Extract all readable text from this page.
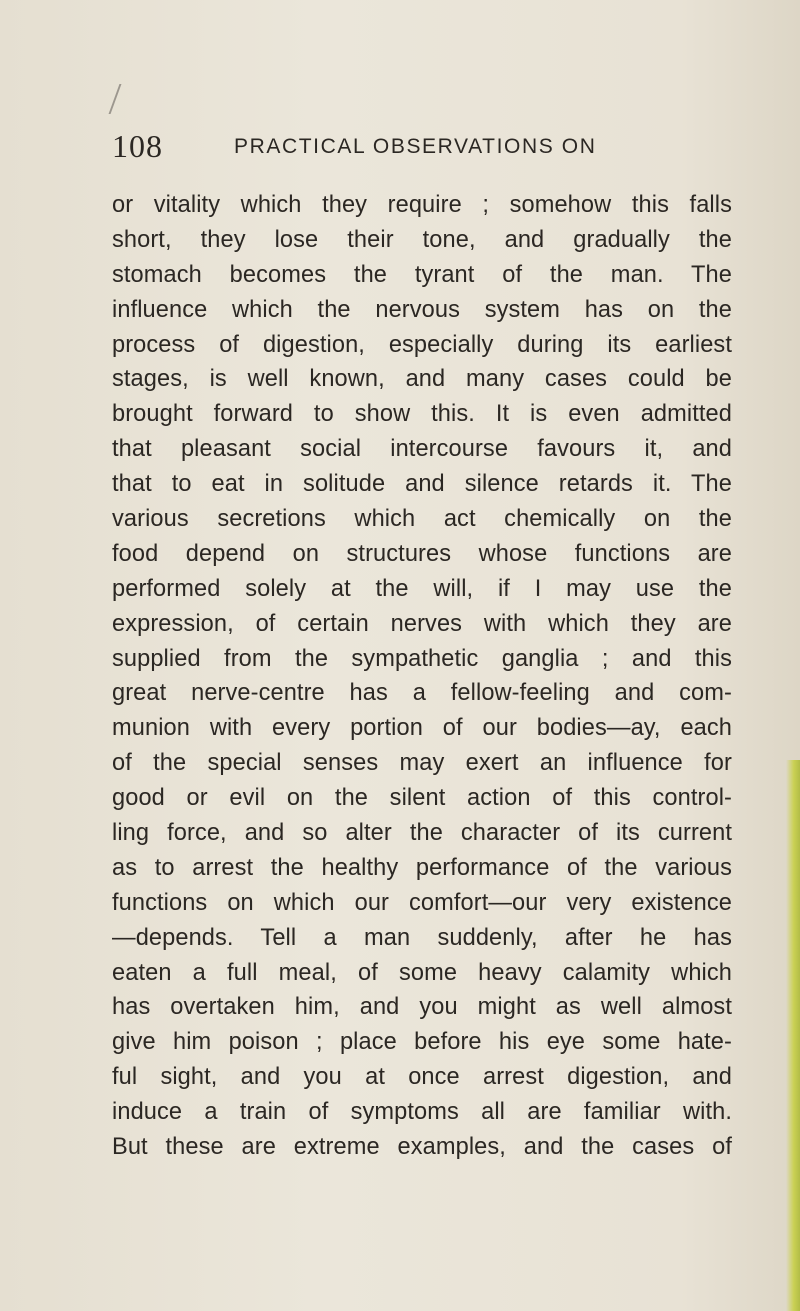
108	PRACTICAL OBSERVATIONS ON
or vitality which they require ; somehow this falls
short, they lose their tone, and gradually the
stomach becomes the tyrant of the man. The
influence which the nervous system has on the
process of digestion, especially during its earliest
stages, is well known, and many cases could be
brought forward to show this. It is even admitted
that pleasant social intercourse favours it, and
that to eat in solitude and silence retards it. The
various secretions which act chemically on the
food depend on structures whose functions are
performed solely at the will, if I may use the
expression, of certain nerves with which they are
supplied from the sympathetic ganglia ; and this
great nerve-centre has a fellow-feeling and com-
munion with every portion of our bodies—ay, each
of the special senses may exert an influence for
good or evil on the silent action of this control-
ling force, and so alter the character of its current
as to arrest the healthy performance of the various
functions on which our comfort—our very existence
—depends. Tell a man suddenly, after he has
eaten a full meal, of some heavy calamity which
has overtaken him, and you might as well almost
give him poison ; place before his eye some hate-
ful sight, and you at once arrest digestion, and
induce a train of symptoms all are familiar with.
But these are extreme examples, and the cases of
